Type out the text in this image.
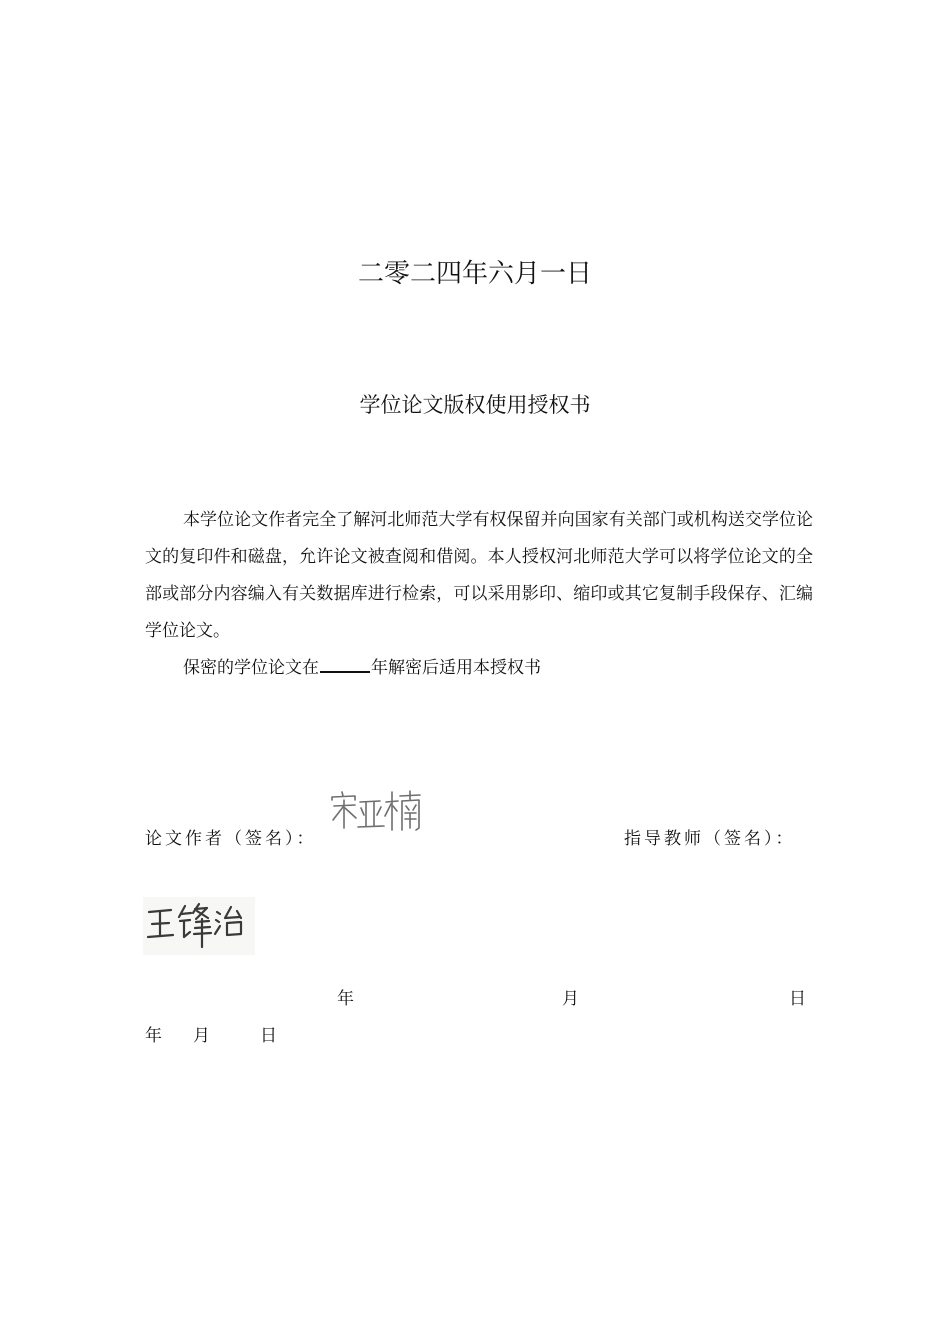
二零二四年六月一日
学位论文版权使用授权书

本学位论文作者完全了解河北师范大学有权保留并向国家有关部门或机构送交学位论文的复印件和磁盘，允许论文被查阅和借阅。本人授权河北师范大学可以将学位论文的全部或部分内容编入有关数据库进行检索，可以采用影印、缩印或其它复制手段保存、汇编学位论文。

保密的学位论文在	年解密后适用本授权书

论文作者（签名）：	指导教师（签名）：
年	月	日
年 月	日
